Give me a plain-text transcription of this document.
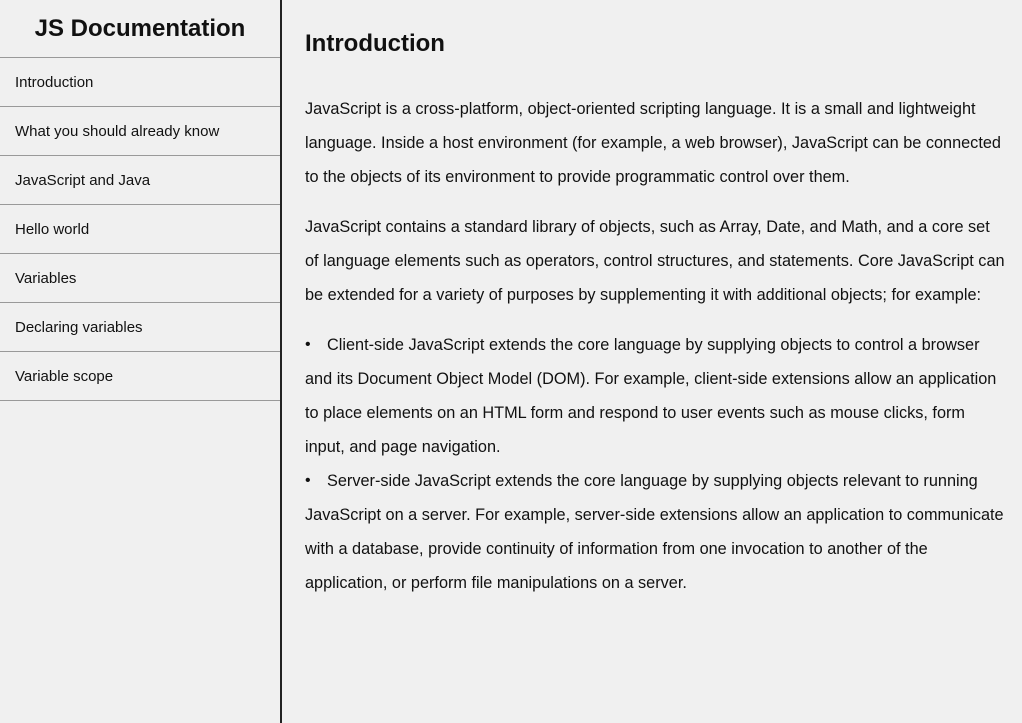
JS Documentation
Introduction
What you should already know
JavaScript and Java
Hello world
Variables
Declaring variables
Variable scope
Introduction

JavaScript is a cross-platform, object-oriented scripting language. It is a small and lightweight language. Inside a host environment (for example, a web browser), JavaScript can be connected to the objects of its environment to provide programmatic control over them.

JavaScript contains a standard library of objects, such as Array, Date, and Math, and a core set of language elements such as operators, control structures, and statements. Core JavaScript can be extended for a variety of purposes by supplementing it with additional objects; for example:

• Client-side JavaScript extends the core language by supplying objects to control a browser and its Document Object Model (DOM). For example, client-side extensions allow an application to place elements on an HTML form and respond to user events such as mouse clicks, form input, and page navigation.
• Server-side JavaScript extends the core language by supplying objects relevant to running JavaScript on a server. For example, server-side extensions allow an application to communicate with a database, provide continuity of information from one invocation to another of the application, or perform file manipulations on a server.
